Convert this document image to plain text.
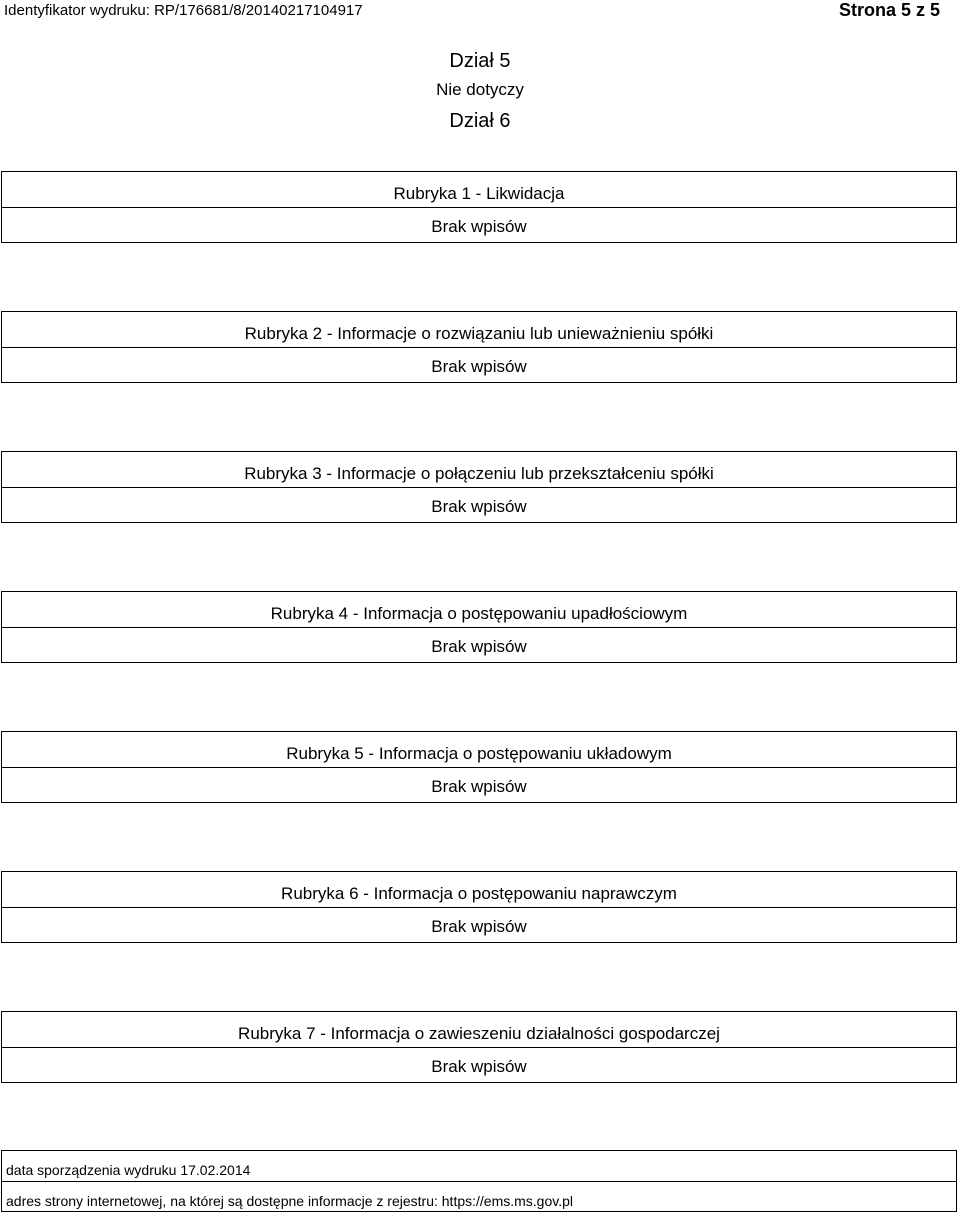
Identyfikator wydruku: RP/176681/8/20140217104917	Strona 5 z 5
Dział 5
Nie dotyczy
Dział 6
Rubryka 1 - Likwidacja
Brak wpisów
Rubryka 2 - Informacje o rozwiązaniu lub unieważnieniu spółki
Brak wpisów
Rubryka 3 - Informacje o połączeniu lub przekształceniu spółki
Brak wpisów
Rubryka 4 - Informacja o postępowaniu upadłościowym
Brak wpisów
Rubryka 5 - Informacja o postępowaniu układowym
Brak wpisów
Rubryka 6 - Informacja o postępowaniu naprawczym
Brak wpisów
Rubryka 7 - Informacja o zawieszeniu działalności gospodarczej
Brak wpisów
data sporządzenia wydruku 17.02.2014
adres strony internetowej, na której są dostępne informacje z rejestru: https://ems.ms.gov.pl
